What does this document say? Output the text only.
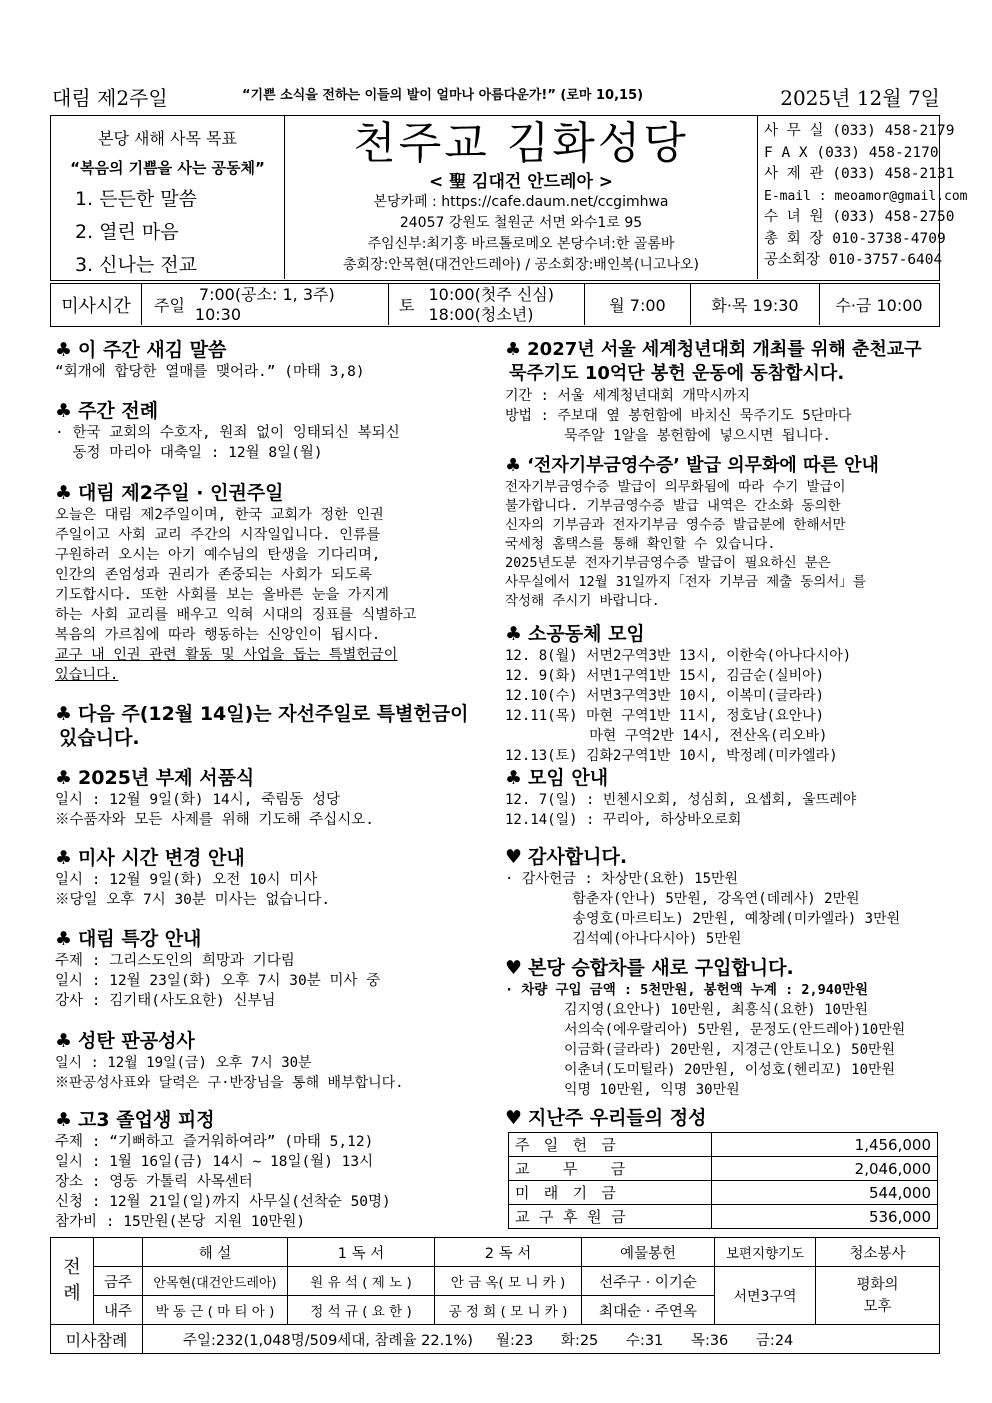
대림 제2주일	“기쁜 소식을 전하는 이들의 발이 얼마나 아름다운가!” (로마 10,15)	2025년 12월 7일
본당 새해 사목 목표
“복음의 기쁨을 사는 공동체”
1. 든든한 말씀
2. 열린 마음
3. 신나는 전교
천주교 김화성당
< 聖 김대건 안드레아 >
본당카페 : https://cafe.daum.net/ccgimhwa
24057 강원도 철원군 서면 와수1로 95
주임신부:최기홍 바르톨로메오 본당수녀:한 골롬바
총회장:안목현(대건안드레아) / 공소회장:배인복(니고나오)
사 무 실 (033) 458-2179
F A X (033) 458-2170
사 제 관 (033) 458-2131
E-mail : meoamor@gmail.com
수 녀 원 (033) 458-2750
총 회 장 010-3738-4709
공소회장 010-3757-6404
미사시간	주일
7:00(공소: 1, 3주)
10:30	토
10:00(첫주 신심)
18:00(청소년)	월 7:00	화·목 19:30	수·금 10:00
♣ 이 주간 새김 말씀
“회개에 합당한 열매를 맺어라.” (마태 3,8)
♣ 주간 전례
· 한국 교회의 수호자, 원죄 없이 잉태되신 복되신
동정 마리아 대축일 : 12월 8일(월)
♣ 대림 제2주일 · 인권주일
오늘은 대림 제2주일이며, 한국 교회가 정한 인권
주일이고 사회 교리 주간의 시작일입니다. 인류를
구원하러 오시는 아기 예수님의 탄생을 기다리며,
인간의 존엄성과 권리가 존중되는 사회가 되도록
기도합시다. 또한 사회를 보는 올바른 눈을 가지게
하는 사회 교리를 배우고 익혀 시대의 징표를 식별하고
복음의 가르침에 따라 행동하는 신앙인이 됩시다.
교구 내 인권 관련 활동 및 사업을 돕는 특별헌금이
있습니다.
♣ 다음 주(12월 14일)는 자선주일로 특별헌금이
있습니다.
♣ 2025년 부제 서품식
일시 : 12월 9일(화) 14시, 죽림동 성당
※수품자와 모든 사제를 위해 기도해 주십시오.
♣ 미사 시간 변경 안내
일시 : 12월 9일(화) 오전 10시 미사
※당일 오후 7시 30분 미사는 없습니다.
♣ 대림 특강 안내
주제 : 그리스도인의 희망과 기다림
일시 : 12월 23일(화) 오후 7시 30분 미사 중
강사 : 김기태(사도요한) 신부님
♣ 성탄 판공성사
일시 : 12월 19일(금) 오후 7시 30분
※판공성사표와 달력은 구·반장님을 통해 배부합니다.
♣ 고3 졸업생 피정
주제 : “기뻐하고 즐거워하여라” (마태 5,12)
일시 : 1월 16일(금) 14시 ~ 18일(월) 13시
장소 : 영동 가톨릭 사목센터
신청 : 12월 21일(일)까지 사무실(선착순 50명)
참가비 : 15만원(본당 지원 10만원)
♣ 2027년 서울 세계청년대회 개최를 위해 춘천교구
묵주기도 10억단 봉헌 운동에 동참합시다.
기간 : 서울 세계청년대회 개막시까지
방법 : 주보대 옆 봉헌함에 바치신 묵주기도 5단마다
묵주알 1알을 봉헌함에 넣으시면 됩니다.
♣ ‘전자기부금영수증’ 발급 의무화에 따른 안내
전자기부금영수증 발급이 의무화됨에 따라 수기 발급이
불가합니다. 기부금영수증 발급 내역은 간소화 동의한
신자의 기부금과 전자기부금 영수증 발급분에 한해서만
국세청 홈택스를 통해 확인할 수 있습니다.
2025년도분 전자기부금영수증 발급이 필요하신 분은
사무실에서 12월 31일까지「전자 기부금 제출 동의서」를
작성해 주시기 바랍니다.
♣ 소공동체 모임
12. 8(월) 서면2구역3반 13시, 이한숙(아나다시아)
12. 9(화) 서면1구역1반 15시, 김금순(실비아)
12.10(수) 서면3구역3반 10시, 이복미(글라라)
12.11(목) 마현 구역1반 11시, 정호남(요안나)
마현 구역2반 14시, 전산옥(리오바)
12.13(토) 김화2구역1반 10시, 박정례(미카엘라)
♣ 모임 안내
12. 7(일) : 빈첸시오회, 성심회, 요셉회, 울뜨레야
12.14(일) : 꾸리아, 하상바오로회
♥ 감사합니다.
· 감사헌금 : 차상만(요한) 15만원
함춘자(안나) 5만원, 강옥연(데레사) 2만원
송영호(마르티노) 2만원, 예창례(미카엘라) 3만원
김석예(아나다시아) 5만원
♥ 본당 승합차를 새로 구입합니다.
· 차량 구입 금액 : 5천만원, 봉헌액 누계 : 2,940만원
김지영(요안나) 10만원, 최흥식(요한) 10만원
서의숙(에우랄리아) 5만원, 문정도(안드레아)10만원
이금화(글라라) 20만원, 지경근(안토니오) 50만원
이춘녀(도미틸라) 20만원, 이성호(헨리꼬) 10만원
익명 10만원, 익명 30만원
♥ 지난주 우리들의 정성
주   일   헌   금	1,456,000
교       무       금	2,046,000
미   래   기   금	544,000
교  구  후  원  금	536,000
전
례		해 설	1 독 서	2 독 서	예물봉헌	보편지향기도	청소봉사
	금주	안목현(대건안드레아)	원 유 석 ( 제 노 )	안 금 옥( 모 니 카 )	선주구 · 이기순	서면3구역	평화의
모후
	내주	박 동 근 ( 마 티 아 )	정 석 규 ( 요 한 )	공 정 희 ( 모 니 카 )	최대순 · 주연옥		
미사참례		주일:232(1,048명/509세대, 참례율 22.1%)     월:23      화:25      수:31      목:36      금:24					
